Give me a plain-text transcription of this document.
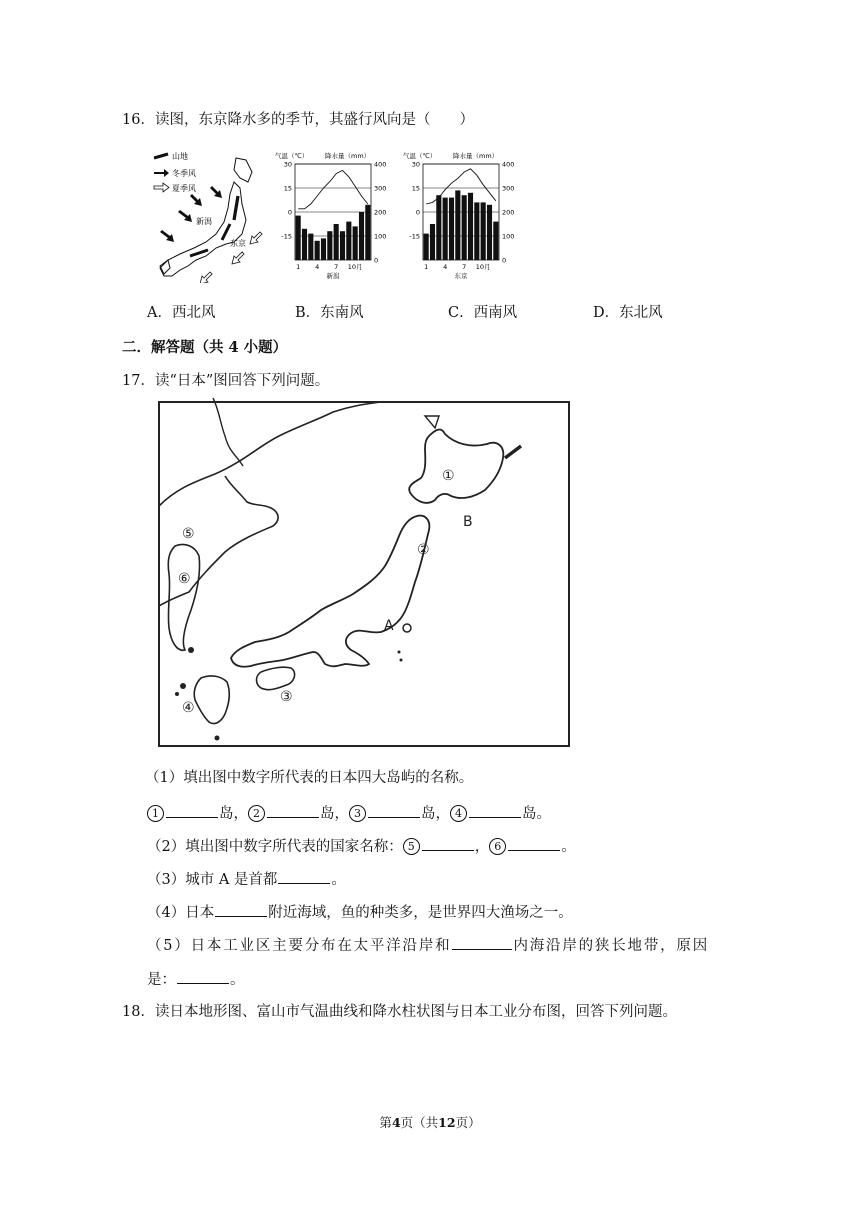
16．读图，东京降水多的季节，其盛行风向是（　　）
山地
冬季风
夏季风
新潟
东京
气温（℃）	降水量（mm）
30
15
0
-15
400
300
200
100
0
1 4 7 10月
新潟
气温（℃）	降水量（mm）
30
15
0
-15
400
300
200
100
0
1 4 7 10月
东京
A．西北风	B．东南风	C．西南风	D．东北风
二．解答题（共 4 小题）
17．读“日本”图回答下列问题。
①
②
③
④
⑤
⑥
A
B
（1）填出图中数字所代表的日本四大岛屿的名称。
1	岛， 2	岛， 3	岛， 4	岛。
（2）填出图中数字所代表的国家名称： 5	， 6	。
（3）城市 A 是首都	。
（4）日本	附近海域，鱼的种类多，是世界四大渔场之一。
（5）日本工业区主要分布在太平洋沿岸和	内海沿岸的狭长地带，原因
是：	。
18．读日本地形图、富山市气温曲线和降水柱状图与日本工业分布图，回答下列问题。
第4页（共12页）
